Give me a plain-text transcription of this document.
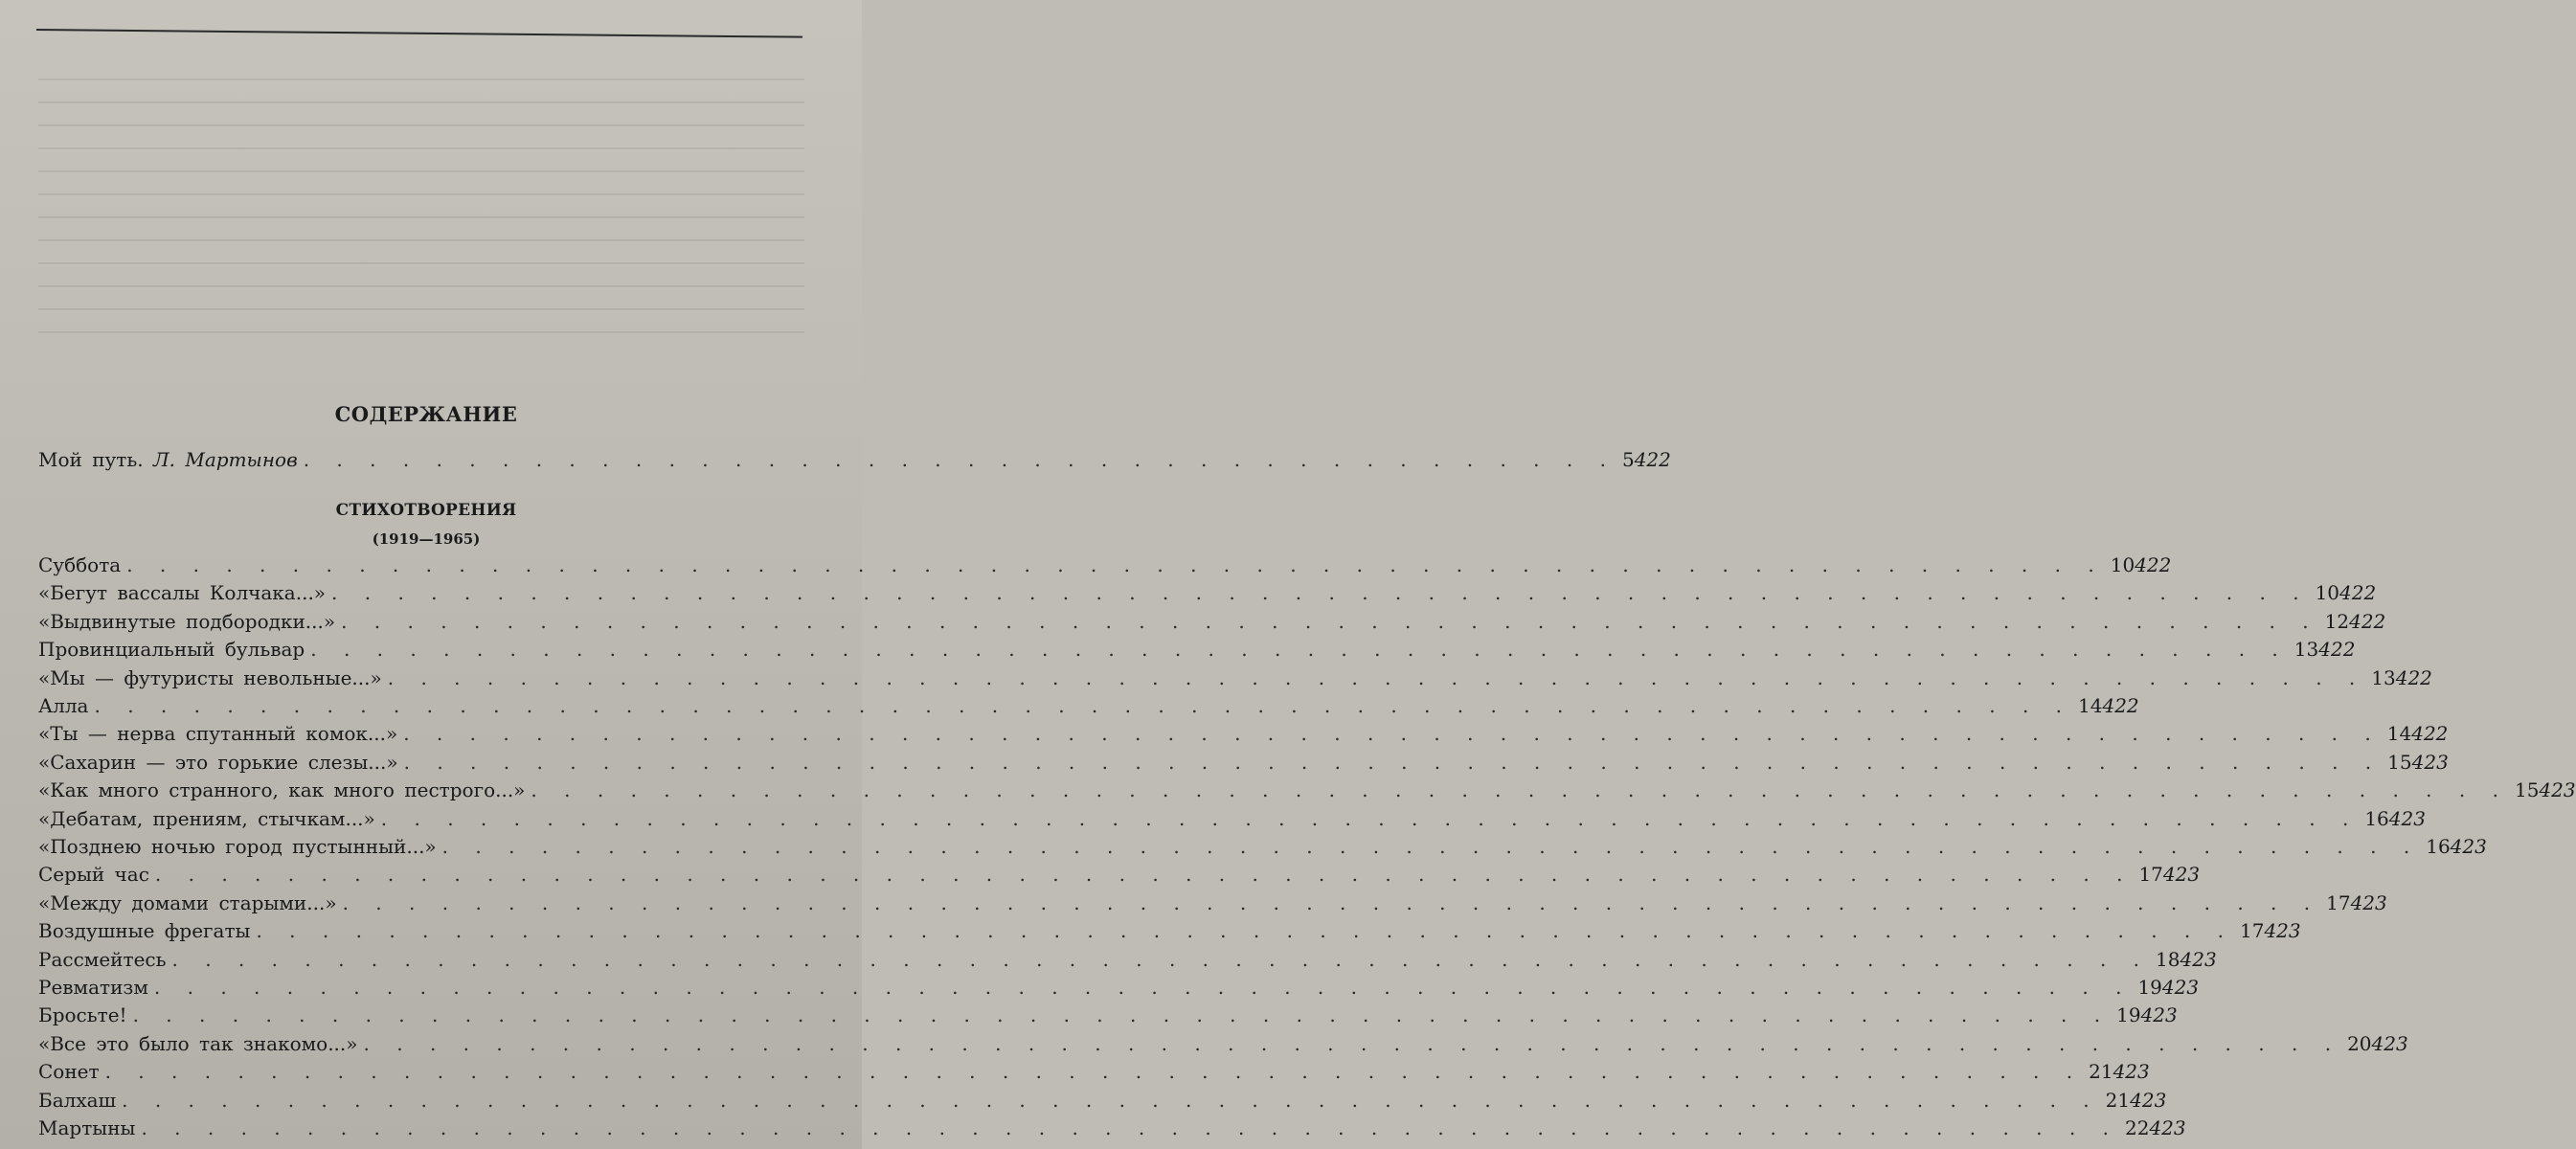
СОДЕРЖАНИЕ
Мой путь. Л. Мартынов . . . . . . . . . . . . . . . . . . . . . . . . . . . . . . . . . . . . . . . . 5 422
СТИХОТВОРЕНИЯ
(1919—1965)
Суббота . . . . . . . . . . . . . . . . . . . . . . . . . . . . . . . . . . . . . . . . . . . . . . . . . . . . . . . . . . . . 10 422
«Бегут вассалы Колчака...» . . . . . . . . . . . . . . . . . . . . . . . . . . . . . . . . . . . . . . . . . . . . . . . . . . . . . . . . . . . . 10 422
«Выдвинутые подбородки...» . . . . . . . . . . . . . . . . . . . . . . . . . . . . . . . . . . . . . . . . . . . . . . . . . . . . . . . . . . . . 12 422
Провинциальный бульвар . . . . . . . . . . . . . . . . . . . . . . . . . . . . . . . . . . . . . . . . . . . . . . . . . . . . . . . . . . . . 13 422
«Мы — футуристы невольные...» . . . . . . . . . . . . . . . . . . . . . . . . . . . . . . . . . . . . . . . . . . . . . . . . . . . . . . . . . . . . 13 422
Алла . . . . . . . . . . . . . . . . . . . . . . . . . . . . . . . . . . . . . . . . . . . . . . . . . . . . . . . . . . . . 14 422
«Ты — нерва спутанный комок...» . . . . . . . . . . . . . . . . . . . . . . . . . . . . . . . . . . . . . . . . . . . . . . . . . . . . . . . . . . . . 14 422
«Сахарин — это горькие слезы...» . . . . . . . . . . . . . . . . . . . . . . . . . . . . . . . . . . . . . . . . . . . . . . . . . . . . . . . . . . . . 15 423
«Как много странного, как много пестрого...» . . . . . . . . . . . . . . . . . . . . . . . . . . . . . . . . . . . . . . . . . . . . . . . . . . . . . . . . . . . . 15 423
«Дебатам, прениям, стычкам...» . . . . . . . . . . . . . . . . . . . . . . . . . . . . . . . . . . . . . . . . . . . . . . . . . . . . . . . . . . . . 16 423
«Позднею ночью город пустынный...» . . . . . . . . . . . . . . . . . . . . . . . . . . . . . . . . . . . . . . . . . . . . . . . . . . . . . . . . . . . . 16 423
Серый час . . . . . . . . . . . . . . . . . . . . . . . . . . . . . . . . . . . . . . . . . . . . . . . . . . . . . . . . . . . . 17 423
«Между домами старыми...» . . . . . . . . . . . . . . . . . . . . . . . . . . . . . . . . . . . . . . . . . . . . . . . . . . . . . . . . . . . . 17 423
Воздушные фрегаты . . . . . . . . . . . . . . . . . . . . . . . . . . . . . . . . . . . . . . . . . . . . . . . . . . . . . . . . . . . . 17 423
Рассмейтесь . . . . . . . . . . . . . . . . . . . . . . . . . . . . . . . . . . . . . . . . . . . . . . . . . . . . . . . . . . . . 18 423
Ревматизм . . . . . . . . . . . . . . . . . . . . . . . . . . . . . . . . . . . . . . . . . . . . . . . . . . . . . . . . . . . . 19 423
Бросьте! . . . . . . . . . . . . . . . . . . . . . . . . . . . . . . . . . . . . . . . . . . . . . . . . . . . . . . . . . . . . 19 423
«Все это было так знакомо...» . . . . . . . . . . . . . . . . . . . . . . . . . . . . . . . . . . . . . . . . . . . . . . . . . . . . . . . . . . . . 20 423
Сонет . . . . . . . . . . . . . . . . . . . . . . . . . . . . . . . . . . . . . . . . . . . . . . . . . . . . . . . . . . . . 21 423
Балхаш . . . . . . . . . . . . . . . . . . . . . . . . . . . . . . . . . . . . . . . . . . . . . . . . . . . . . . . . . . . . 21 423
Мартыны . . . . . . . . . . . . . . . . . . . . . . . . . . . . . . . . . . . . . . . . . . . . . . . . . . . . . . . . . . . . 22 423
